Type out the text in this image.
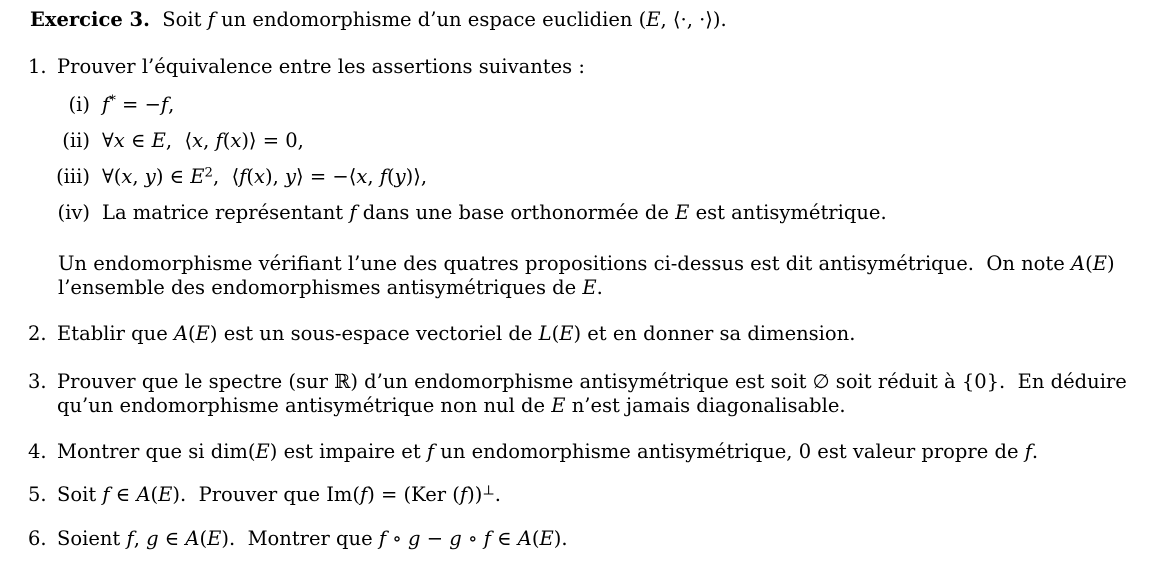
Exercice 3.  Soit f un endomorphisme d’un espace euclidien (E, ⟨·, ·⟩).
1. Prouver l’équivalence entre les assertions suivantes :
(i) f* = −f,
(ii) ∀x ∈ E,  ⟨x, f(x)⟩ = 0,
(iii) ∀(x, y) ∈ $E^2$,  ⟨f(x), y⟩ = −⟨x, f(y)⟩,
(iv) La matrice représentant f dans une base orthonormée de E est antisymétrique.
Un endomorphisme vérifiant l’une des quatres propositions ci-dessus est dit antisymétrique.  On note A(E)
l’ensemble des endomorphismes antisymétriques de E.
2. Etablir que A(E) est un sous-espace vectoriel de L(E) et en donner sa dimension.
3. Prouver que le spectre (sur ℝ) d’un endomorphisme antisymétrique est soit ∅ soit réduit à {0}.  En déduire
qu’un endomorphisme antisymétrique non nul de E n’est jamais diagonalisable.
4. Montrer que si dim(E) est impaire et f un endomorphisme antisymétrique, 0 est valeur propre de f.
5. Soit f ∈ A(E).  Prouver que Im(f) = (Ker (f))⊥.
6. Soient f, g ∈ A(E).  Montrer que f ∘ g − g ∘ f ∈ A(E).
